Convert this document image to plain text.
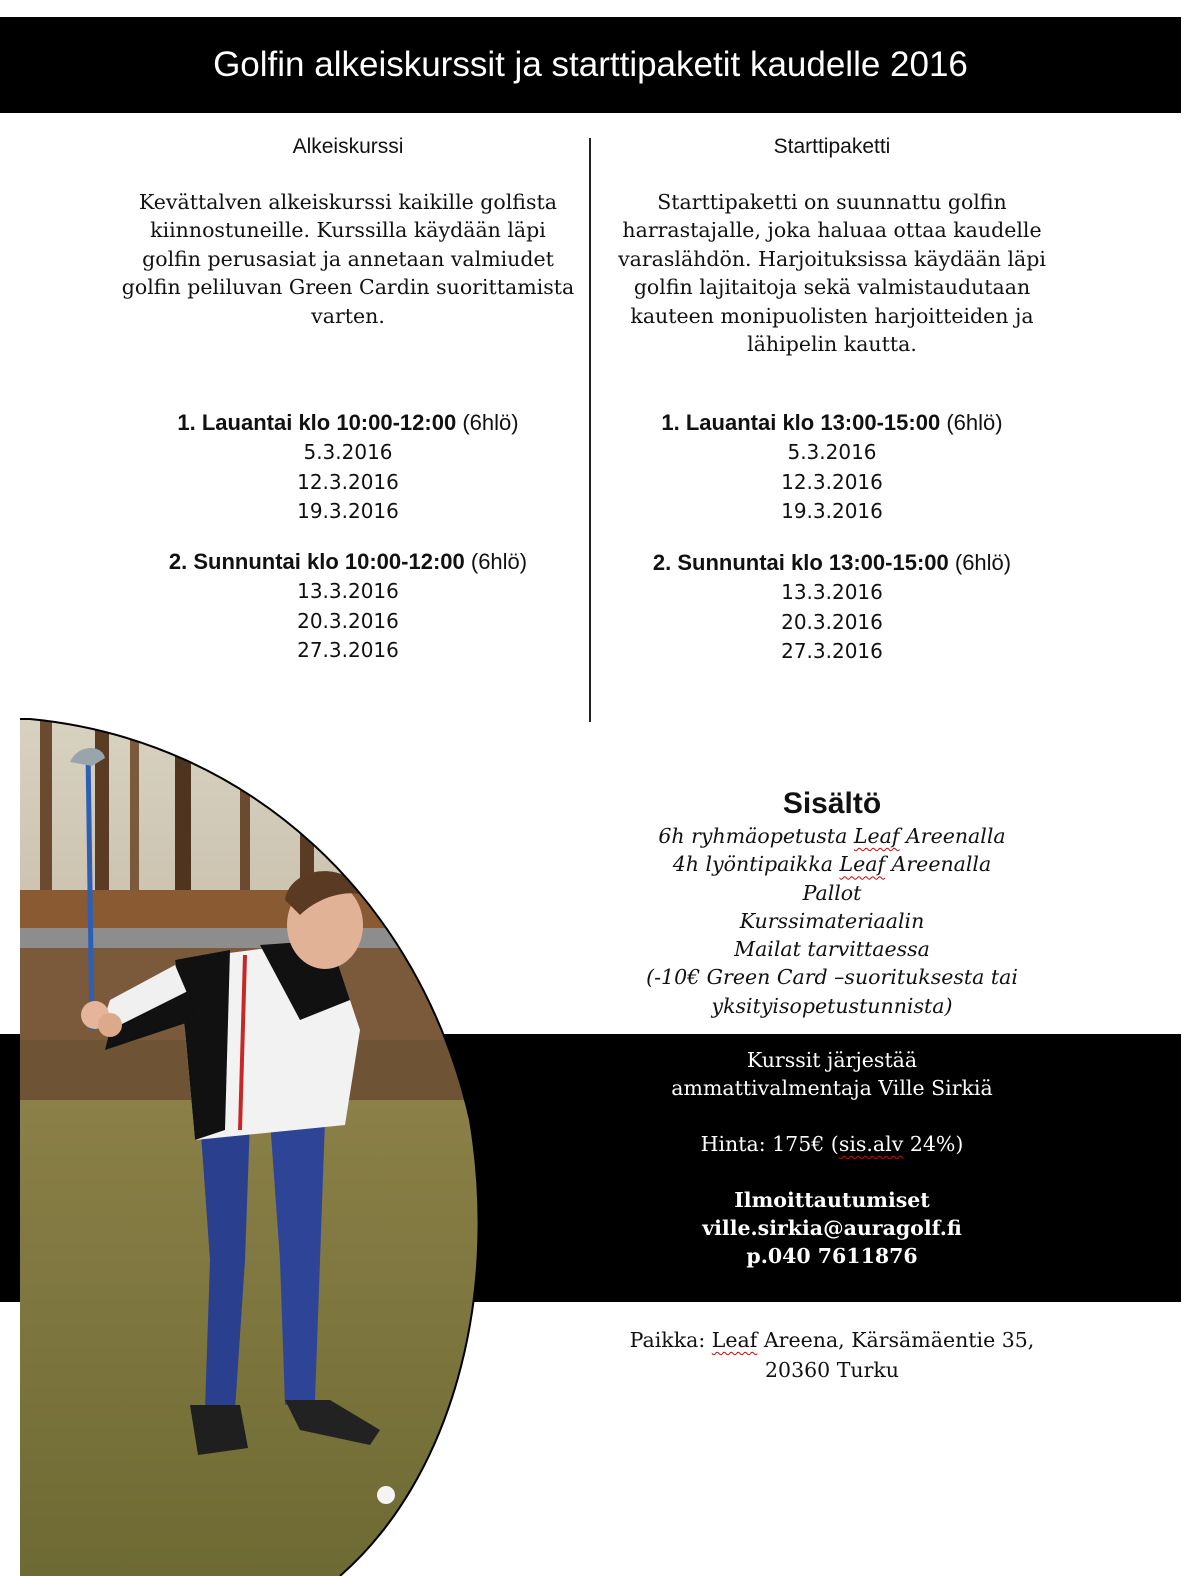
Golfin alkeiskurssit ja starttipaketit kaudelle 2016
Alkeiskurssi
Kevättalven alkeiskurssi kaikille golfista kiinnostuneille. Kurssilla käydään läpi golfin perusasiat ja annetaan valmiudet golfin peliluvan Green Cardin suorittamista varten.
1. Lauantai klo 10:00-12:00 (6hlö)
5.3.2016
12.3.2016
19.3.2016
2. Sunnuntai klo 10:00-12:00 (6hlö)
13.3.2016
20.3.2016
27.3.2016
Starttipaketti
Starttipaketti on suunnattu golfin harrastajalle, joka haluaa ottaa kaudelle varaslähdön. Harjoituksissa käydään läpi golfin lajitaitoja sekä valmistaudutaan kauteen monipuolisten harjoitteiden ja lähipelin kautta.
1. Lauantai klo 13:00-15:00 (6hlö)
5.3.2016
12.3.2016
19.3.2016
2. Sunnuntai klo 13:00-15:00 (6hlö)
13.3.2016
20.3.2016
27.3.2016
Sisältö
6h ryhmäopetusta Leaf Areenalla
4h lyöntipaikka Leaf Areenalla
Pallot
Kurssimateriaalin
Mailat tarvittaessa
(-10€ Green Card –suorituksesta tai
yksityisopetustunnista)
Kurssit järjestää
ammattivalmentaja Ville Sirkiä
Hinta: 175€ (sis.alv 24%)
Ilmoittautumiset
ville.sirkia@auragolf.fi
p.040 7611876
Paikka: Leaf Areena, Kärsämäentie 35,
20360 Turku
